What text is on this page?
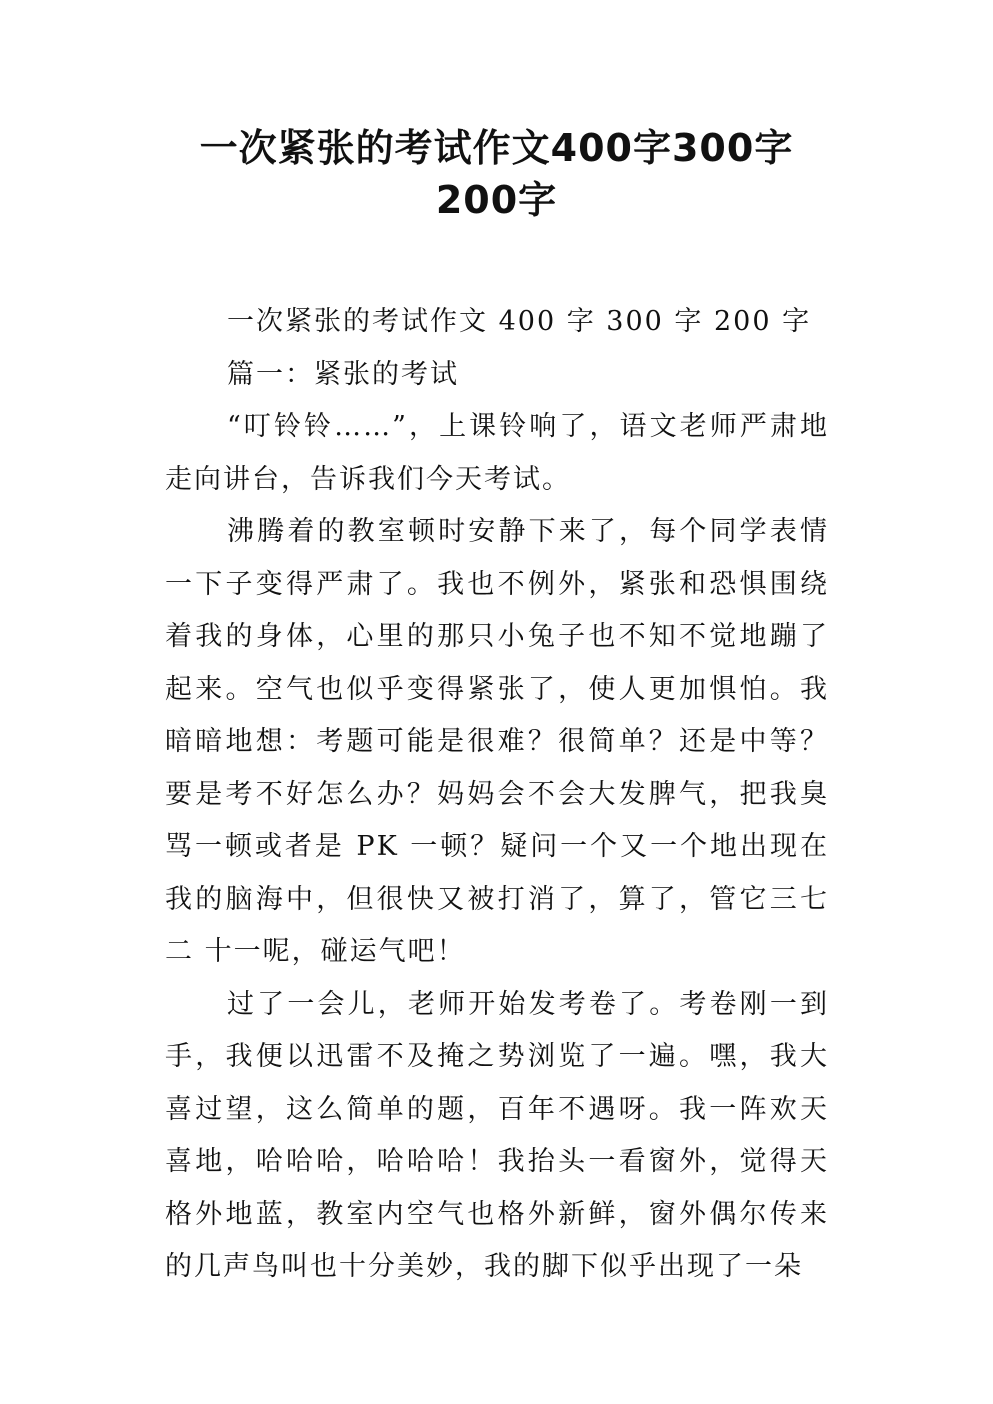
一次紧张的考试作文400字300字
200字

一次紧张的考试作文 400 字 300 字 200 字

篇一：紧张的考试

“叮铃铃……”，上课铃响了，语文老师严肃地走向讲台，告诉我们今天考试。

沸腾着的教室顿时安静下来了，每个同学表情一下子变得严肃了。我也不例外，紧张和恐惧围绕着我的身体，心里的那只小兔子也不知不觉地蹦了起来。空气也似乎变得紧张了，使人更加惧怕。我暗暗地想：考题可能是很难？很简单？还是中等？要是考不好怎么办？妈妈会不会大发脾气，把我臭骂一顿或者是 PK 一顿？疑问一个又一个地出现在我的脑海中，但很快又被打消了，算了，管它三七二 十一呢，碰运气吧！

过了一会儿，老师开始发考卷了。考卷刚一到手，我便以迅雷不及掩之势浏览了一遍。嘿，我大喜过望，这么简单的题，百年不遇呀。我一阵欢天喜地，哈哈哈，哈哈哈！我抬头一看窗外，觉得天格外地蓝，教室内空气也格外新鲜，窗外偶尔传来的几声鸟叫也十分美妙，我的脚下似乎出现了一朵
